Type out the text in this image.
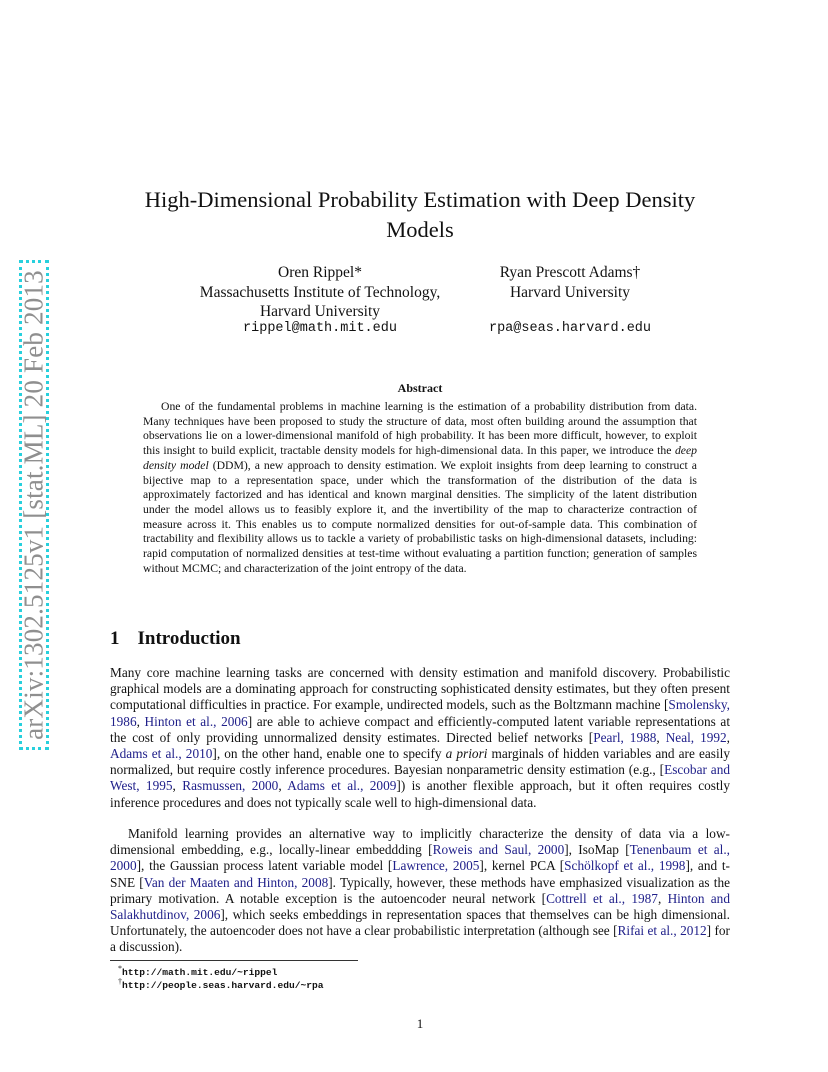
arXiv:1302.5125v1 [stat.ML] 20 Feb 2013
High-Dimensional Probability Estimation with Deep Density Models
Oren Rippel*
Massachusetts Institute of Technology,
Harvard University
Ryan Prescott Adams†
Harvard University
rippel@math.mit.edu	rpa@seas.harvard.edu
Abstract
One of the fundamental problems in machine learning is the estimation of a probability distribution from data. Many techniques have been proposed to study the structure of data, most often building around the assumption that observations lie on a lower-dimensional manifold of high probability. It has been more difficult, however, to exploit this insight to build explicit, tractable density models for high-dimensional data. In this paper, we introduce the deep density model (DDM), a new approach to density estimation. We exploit insights from deep learning to construct a bijective map to a representation space, under which the transformation of the distribution of the data is approximately factorized and has identical and known marginal densities. The simplicity of the latent distribution under the model allows us to feasibly explore it, and the invertibility of the map to characterize contraction of measure across it. This enables us to compute normalized densities for out-of-sample data. This combination of tractability and flexibility allows us to tackle a variety of probabilistic tasks on high-dimensional datasets, including: rapid computation of normalized densities at test-time without evaluating a partition function; generation of samples without MCMC; and characterization of the joint entropy of the data.
1 Introduction
Many core machine learning tasks are concerned with density estimation and manifold discovery. Probabilistic graphical models are a dominating approach for constructing sophisticated density estimates, but they often present computational difficulties in practice. For example, undirected models, such as the Boltzmann machine [Smolensky, 1986, Hinton et al., 2006] are able to achieve compact and efficiently-computed latent variable representations at the cost of only providing unnormalized density estimates. Directed belief networks [Pearl, 1988, Neal, 1992, Adams et al., 2010], on the other hand, enable one to specify a priori marginals of hidden variables and are easily normalized, but require costly inference procedures. Bayesian nonparametric density estimation (e.g., [Escobar and West, 1995, Rasmussen, 2000, Adams et al., 2009]) is another flexible approach, but it often requires costly inference procedures and does not typically scale well to high-dimensional data.
Manifold learning provides an alternative way to implicitly characterize the density of data via a low-dimensional embedding, e.g., locally-linear embeddding [Roweis and Saul, 2000], IsoMap [Tenenbaum et al., 2000], the Gaussian process latent variable model [Lawrence, 2005], kernel PCA [Schölkopf et al., 1998], and t-SNE [Van der Maaten and Hinton, 2008]. Typically, however, these methods have emphasized visualization as the primary motivation. A notable exception is the autoencoder neural network [Cottrell et al., 1987, Hinton and Salakhutdinov, 2006], which seeks embeddings in representation spaces that themselves can be high dimensional. Unfortunately, the autoencoder does not have a clear probabilistic interpretation (although see [Rifai et al., 2012] for a discussion).
*http://math.mit.edu/~rippel
†http://people.seas.harvard.edu/~rpa
1
